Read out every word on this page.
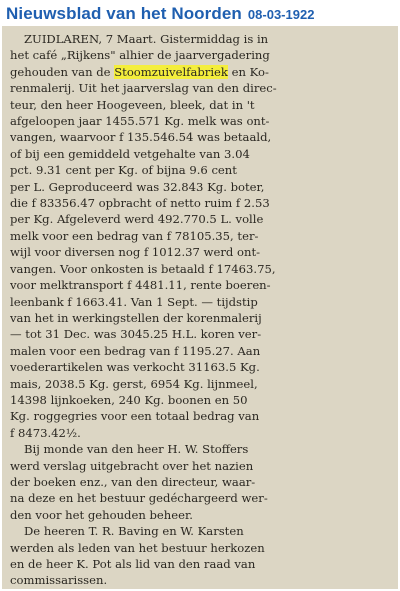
Nieuwsblad van het Noorden 08-03-1922
ZUIDLAREN, 7 Maart. Gistermiddag is in
het café „Rijkens" alhier de jaarvergadering
gehouden van de Stoomzuivelfabriek en Ko-
renmalerij. Uit het jaarverslag van den direc-
teur, den heer Hoogeveen, bleek, dat in 't
afgeloopen jaar 1455.571 Kg. melk was ont-
vangen, waarvoor f 135.546.54 was betaald,
of bij een gemiddeld vetgehalte van 3.04
pct. 9.31 cent per Kg. of bijna 9.6 cent
per L. Geproduceerd was 32.843 Kg. boter,
die f 83356.47 opbracht of netto ruim f 2.53
per Kg. Afgeleverd werd 492.770.5 L. volle
melk voor een bedrag van f 78105.35, ter-
wijl voor diversen nog f 1012.37 werd ont-
vangen. Voor onkosten is betaald f 17463.75,
voor melktransport f 4481.11, rente boeren-
leenbank f 1663.41. Van 1 Sept. — tijdstip
van het in werkingstellen der korenmalerij
— tot 31 Dec. was 3045.25 H.L. koren ver-
malen voor een bedrag van f 1195.27. Aan
voederartikelen was verkocht 31163.5 Kg.
mais, 2038.5 Kg. gerst, 6954 Kg. lijnmeel,
14398 lijnkoeken, 240 Kg. boonen en 50
Kg. roggegries voor een totaal bedrag van
f 8473.42½.
Bij monde van den heer H. W. Stoffers
werd verslag uitgebracht over het nazien
der boeken enz., van den directeur, waar-
na deze en het bestuur gedéchargeerd wer-
den voor het gehouden beheer.
De heeren T. R. Baving en W. Karsten
werden als leden van het bestuur herkozen
en de heer K. Pot als lid van den raad van
commissarissen.
